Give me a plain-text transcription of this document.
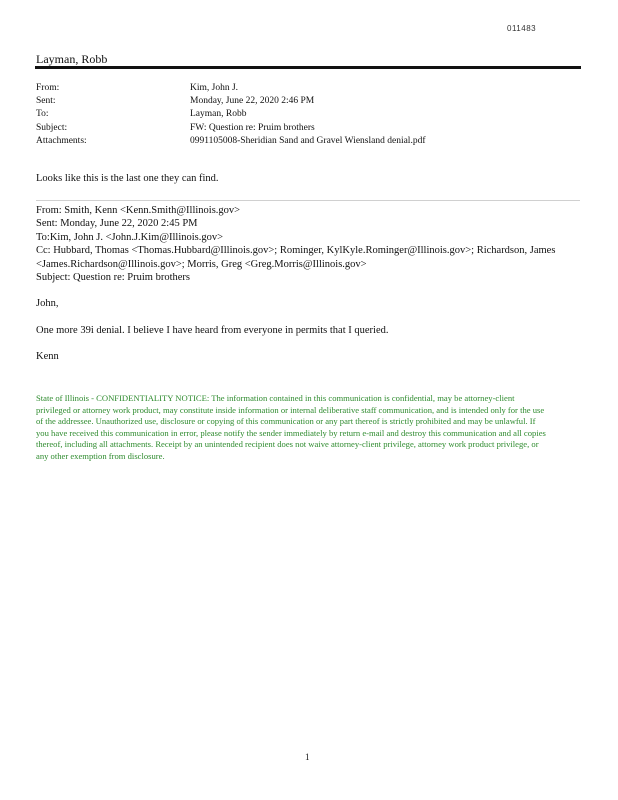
011483
Layman, Robb
From:	Kim, John J.
Sent:	Monday, June 22, 2020 2:46 PM
To:	Layman, Robb
Subject:	FW: Question re: Pruim brothers
Attachments:	0991105008-Sheridian Sand and Gravel Wiensland denial.pdf
Looks like this is the last one they can find.
From: Smith, Kenn <Kenn.Smith@Illinois.gov>
Sent: Monday, June 22, 2020 2:45 PM
To:Kim, John J. <John.J.Kim@Illinois.gov>
Cc: Hubbard, Thomas <Thomas.Hubbard@Illinois.gov>; Rominger, KylKyle.Rominger@Illinois.gov>; Richardson, James
<James.Richardson@Illinois.gov>; Morris, Greg <Greg.Morris@Illinois.gov>
Subject: Question re: Pruim brothers
John,
One more 39i denial. I believe I have heard from everyone in permits that I queried.
Kenn
State of Illinois - CONFIDENTIALITY NOTICE: The information contained in this communication is confidential, may be attorney-client privileged or attorney work product, may constitute inside information or internal deliberative staff communication, and is intended only for the use of the addressee. Unauthorized use, disclosure or copying of this communication or any part thereof is strictly prohibited and may be unlawful. If you have received this communication in error, please notify the sender immediately by return e-mail and destroy this communication and all copies thereof, including all attachments. Receipt by an unintended recipient does not waive attorney-client privilege, attorney work product privilege, or any other exemption from disclosure.
1
